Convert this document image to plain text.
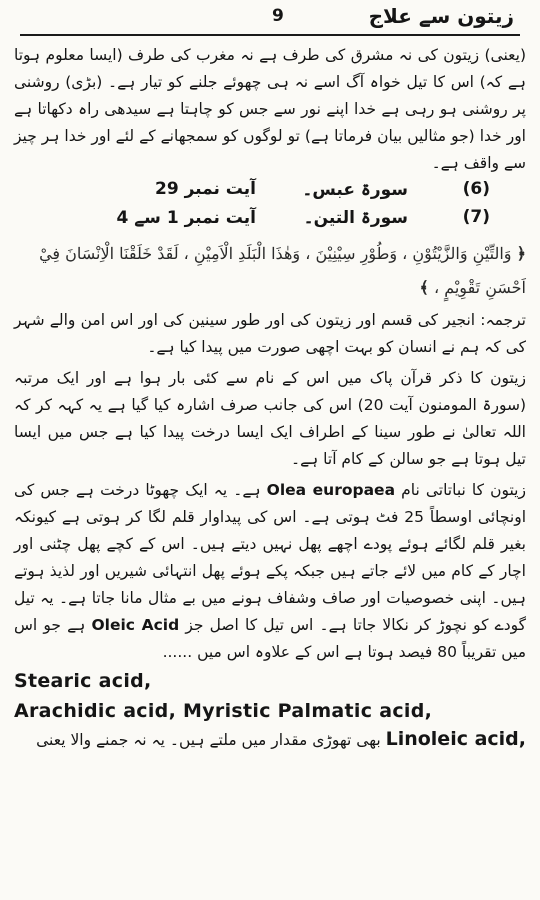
زیتون سے علاج
9

(یعنی) زیتون کی نہ مشرق کی طرف ہے نہ مغرب کی طرف (ایسا معلوم ہوتا ہے کہ) اس کا تیل خواہ آگ اسے نہ ہی چھوئے جلنے کو تیار ہے۔ (بڑی) روشنی پر روشنی ہو رہی ہے خدا اپنے نور سے جس کو چاہتا ہے سیدھی راہ دکھاتا ہے اور خدا (جو مثالیں بیان فرماتا ہے) تو لوگوں کو سمجھانے کے لئے اور خدا ہر چیز سے واقف ہے۔

(6)
سورۃ عبس۔
آیت نمبر 29
(7)
سورۃ التین۔
آیت نمبر 1 سے 4

﴿ وَالتِّيْنِ وَالزَّيْتُوْنِ ، وَطُوْرِ سِيْنِيْنَ ، وَهٰذَا الْبَلَدِ الْاَمِيْنِ ، لَقَدْ خَلَقْنَا الْاِنْسَانَ فِيْ اَحْسَنِ تَقْوِيْمٍ ، ﴾

ترجمہ: انجیر کی قسم اور زیتون کی اور طور سینین کی اور اس امن والے شہر کی کہ ہم نے انسان کو بہت اچھی صورت میں پیدا کیا ہے۔

زیتون کا ذکر قرآن پاک میں اس کے نام سے کئی بار ہوا ہے اور ایک مرتبہ (سورۃ المومنون آیت 20) اس کی جانب صرف اشارہ کیا گیا ہے یہ کہہ کر کہ اللہ تعالیٰ نے طور سینا کے اطراف ایک ایسا درخت پیدا کیا ہے جس میں ایسا تیل ہوتا ہے جو سالن کے کام آتا ہے۔

زیتون کا نباتاتی نام Olea europaea ہے۔ یہ ایک چھوٹا درخت ہے جس کی اونچائی اوسطاً 25 فٹ ہوتی ہے۔ اس کی پیداوار قلم لگا کر ہوتی ہے کیونکہ بغیر قلم لگائے ہوئے پودے اچھے پھل نہیں دیتے ہیں۔ اس کے کچے پھل چٹنی اور اچار کے کام میں لائے جاتے ہیں جبکہ پکے ہوئے پھل انتہائی شیریں اور لذیذ ہوتے ہیں۔ اپنی خصوصیات اور صاف وشفاف ہونے میں بے مثال مانا جاتا ہے۔ یہ تیل گودے کو نچوڑ کر نکالا جاتا ہے۔ اس تیل کا اصل جز Oleic Acid ہے جو اس میں تقریباً 80 فیصد ہوتا ہے اس کے علاوہ اس میں ......

Stearic acid,

Arachidic acid, Myristic Palmatic acid,

Linoleic acid, بھی تھوڑی مقدار میں ملتے ہیں۔ یہ نہ جمنے والا یعنی
